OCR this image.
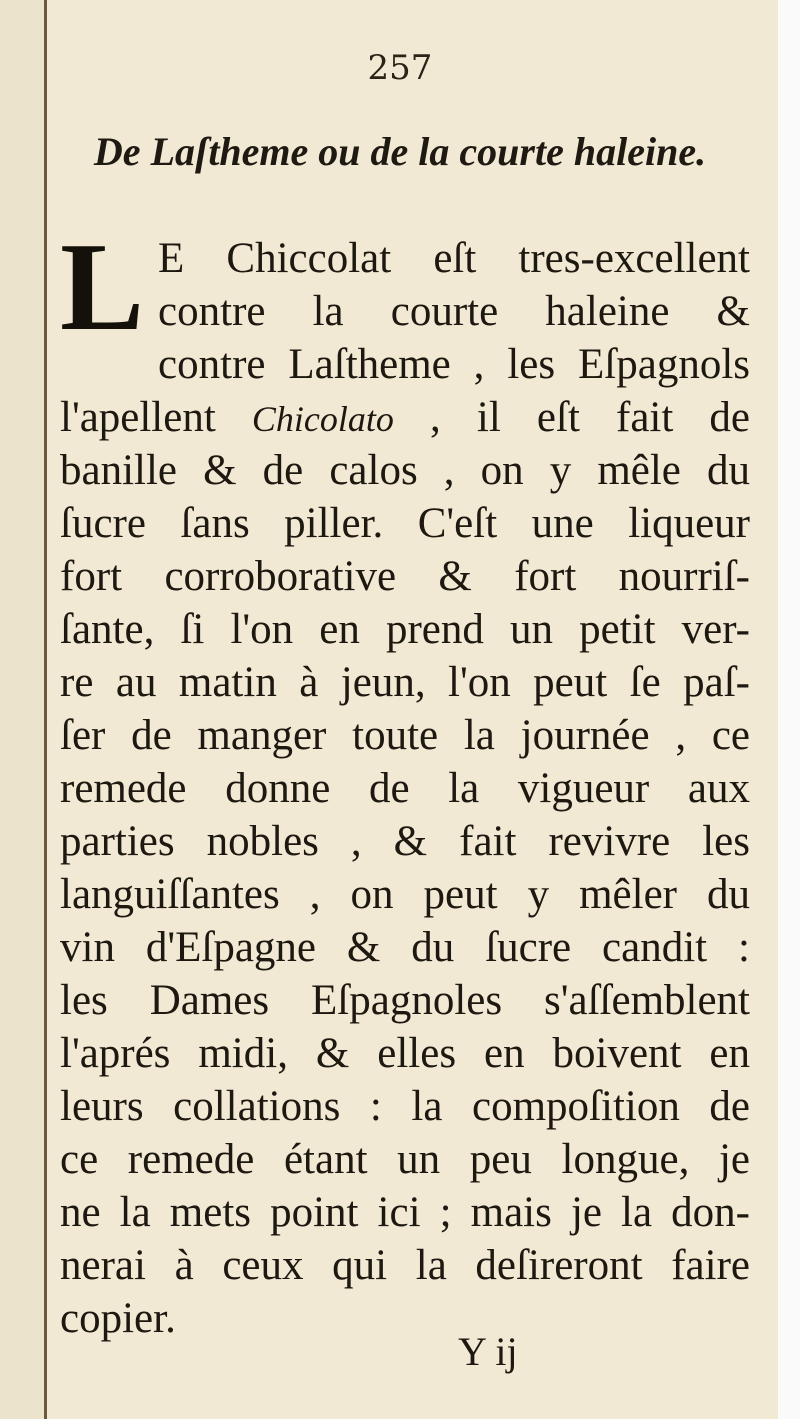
257

De Laſtheme ou de la courte haleine.
L E Chiccolat eſt tres-excellent
contre la courte haleine &
contre Laſtheme , les Eſpagnols
l'apellent Chicolato , il eſt fait de
banille & de calos , on y mêle du
ſucre ſans piller. C'eſt une liqueur
fort corroborative & fort nourriſ-
ſante, ſi l'on en prend un petit ver-
re au matin à jeun, l'on peut ſe paſ-
ſer de manger toute la journée , ce
remede donne de la vigueur aux
parties nobles , & fait revivre les
languiſſantes , on peut y mêler du
vin d'Eſpagne & du ſucre candit :
les Dames Eſpagnoles s'aſſemblent
l'aprés midi, & elles en boivent en
leurs collations : la compoſition de
ce remede étant un peu longue, je
ne la mets point ici ; mais je la don-
nerai à ceux qui la deſireront faire
copier.

Y ij
